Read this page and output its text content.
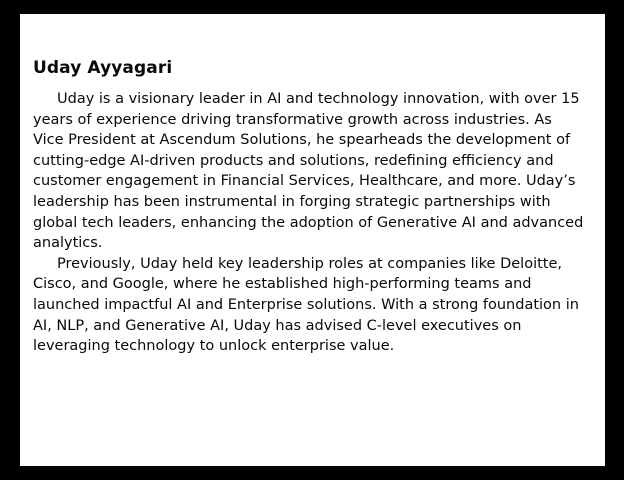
Uday Ayyagari

Uday is a visionary leader in AI and technology innovation, with over 15 years of experience driving transformative growth across industries. As Vice President at Ascendum Solutions, he spearheads the development of cutting-edge AI-driven products and solutions, redefining efficiency and customer engagement in Financial Services, Healthcare, and more. Uday’s leadership has been instrumental in forging strategic partnerships with global tech leaders, enhancing the adoption of Generative AI and advanced analytics.

Previously, Uday held key leadership roles at companies like Deloitte, Cisco, and Google, where he established high-performing teams and launched impactful AI and Enterprise solutions. With a strong foundation in AI, NLP, and Generative AI, Uday has advised C-level executives on leveraging technology to unlock enterprise value.
